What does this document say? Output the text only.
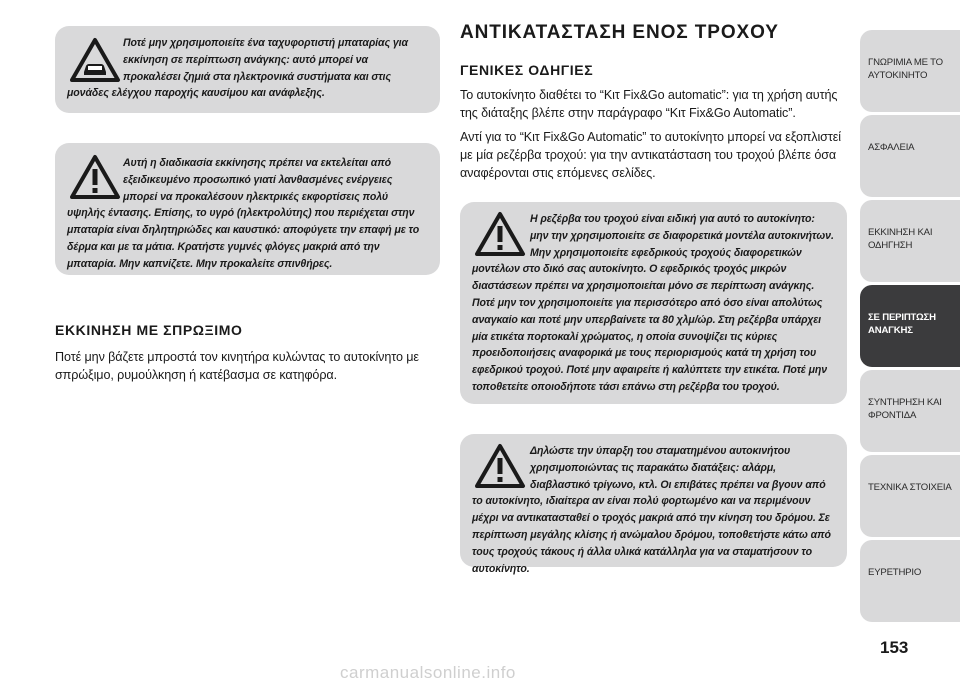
Ποτέ μην χρησιμοποιείτε ένα ταχυφορτιστή μπαταρίας για εκκίνηση σε περίπτωση ανάγκης: αυτό μπορεί να προκαλέσει ζημιά στα ηλεκτρονικά συστήματα και στις μονάδες ελέγχου παροχής καυσίμου και ανάφλεξης.
Αυτή η διαδικασία εκκίνησης πρέπει να εκτελείται από εξειδικευμένο προσωπικό γιατί λανθασμένες ενέργειες μπορεί να προκαλέσουν ηλεκτρικές εκφορτίσεις πολύ υψηλής έντασης. Επίσης, το υγρό (ηλεκτρολύτης) που περιέχεται στην μπαταρία είναι δηλητηριώδες και καυστικό: αποφύγετε την επαφή με το δέρμα και με τα μάτια. Κρατήστε γυμνές φλόγες μακριά από την μπαταρία. Μην καπνίζετε. Μην προκαλείτε σπινθήρες.
ΕΚΚΙΝΗΣΗ ΜΕ ΣΠΡΩΞΙΜΟ
Ποτέ μην βάζετε μπροστά τον κινητήρα κυλώντας το αυτοκίνητο με σπρώξιμο, ρυμούλκηση ή κατέβασμα σε κατηφόρα.
ΑΝΤΙΚΑΤΑΣΤΑΣΗ ΕΝΟΣ ΤΡΟΧΟΥ
ΓΕΝΙΚΕΣ ΟΔΗΓΙΕΣ
Το αυτοκίνητο διαθέτει το “Κιτ Fix&Go automatic”: για τη χρήση αυτής της διάταξης βλέπε στην παράγραφο “Κιτ Fix&Go Automatic”.
Αντί για το “Κιτ Fix&Go Automatic” το αυτοκίνητο μπορεί να εξοπλιστεί με μία ρεζέρβα τροχού: για την αντικατάσταση του τροχού βλέπε όσα αναφέρονται στις επόμενες σελίδες.
Η ρεζέρβα του τροχού είναι ειδική για αυτό το αυτοκίνητο: μην την χρησιμοποιείτε σε διαφορετικά μοντέλα αυτοκινήτων. Μην χρησιμοποιείτε εφεδρικούς τροχούς διαφορετικών μοντέλων στο δικό σας αυτοκίνητο. Ο εφεδρικός τροχός μικρών διαστάσεων πρέπει να χρησιμοποιείται μόνο σε περίπτωση ανάγκης. Ποτέ μην τον χρησιμοποιείτε για περισσότερο από όσο είναι απολύτως αναγκαίο και ποτέ μην υπερβαίνετε τα 80 χλμ/ώρ. Στη ρεζέρβα υπάρχει μία ετικέτα πορτοκαλί χρώματος, η οποία συνοψίζει τις κύριες προειδοποιήσεις αναφορικά με τους περιορισμούς κατά τη χρήση του εφεδρικού τροχού. Ποτέ μην αφαιρείτε ή καλύπτετε την ετικέτα. Ποτέ μην τοποθετείτε οποιοδήποτε τάσι επάνω στη ρεζέρβα του τροχού.
Δηλώστε την ύπαρξη του σταματημένου αυτοκινήτου χρησιμοποιώντας τις παρακάτω διατάξεις: αλάρμ, διαβλαστικό τρίγωνο, κτλ. Οι επιβάτες πρέπει να βγουν από το αυτοκίνητο, ιδιαίτερα αν είναι πολύ φορτωμένο και να περιμένουν μέχρι να αντικατασταθεί ο τροχός μακριά από την κίνηση του δρόμου. Σε περίπτωση μεγάλης κλίσης ή ανώμαλου δρόμου, τοποθετήστε κάτω από τους τροχούς τάκους ή άλλα υλικά κατάλληλα για να σταματήσουν το αυτοκίνητο.
ΓΝΩΡΙΜΙΑ ΜΕ ΤΟ ΑΥΤΟΚΙΝΗΤΟ
ΑΣΦΑΛΕΙΑ
ΕΚΚΙΝΗΣΗ ΚΑΙ ΟΔΗΓΗΣΗ
ΣΕ ΠΕΡΙΠΤΩΣΗ ΑΝΑΓΚΗΣ
ΣΥΝΤΗΡΗΣΗ ΚΑΙ ΦΡΟΝΤΙΔΑ
ΤΕΧΝΙΚΑ ΣΤΟΙΧΕΙΑ
ΕΥΡΕΤΗΡΙΟ
153
carmanualsonline.info
